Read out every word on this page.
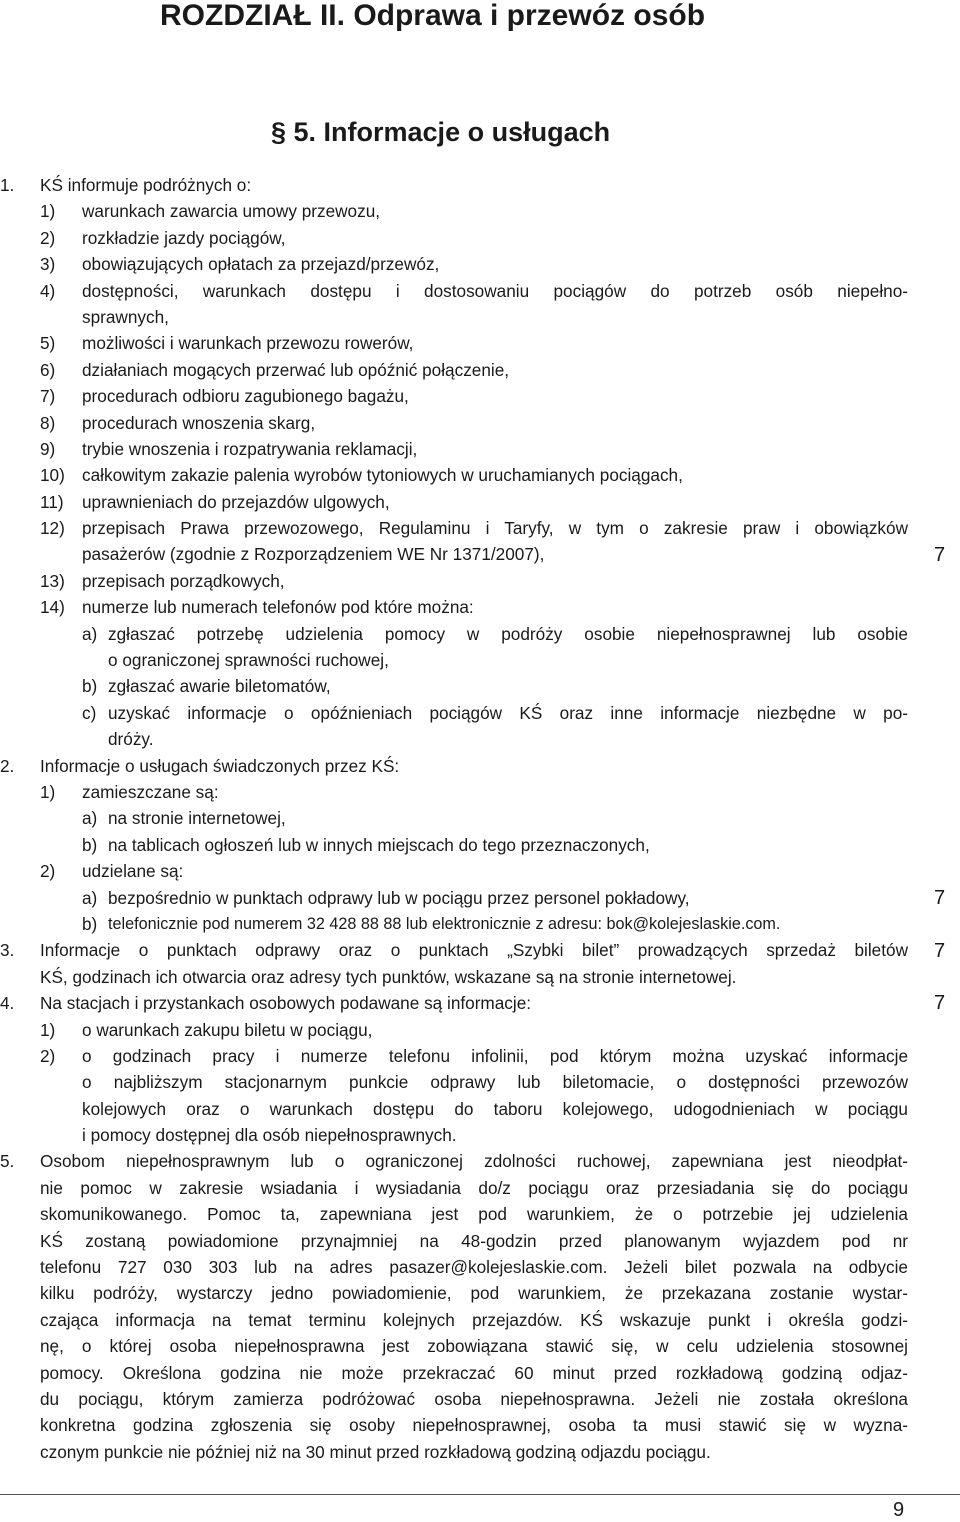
ROZDZIAŁ II. Odprawa i przewóz osób
§ 5. Informacje o usługach
1. KŚ informuje podróżnych o:
1) warunkach zawarcia umowy przewozu,
2) rozkładzie jazdy pociągów,
3) obowiązujących opłatach za przejazd/przewóz,
4) dostępności, warunkach dostępu i dostosowaniu pociągów do potrzeb osób niepełno-
sprawnych,
5) możliwości i warunkach przewozu rowerów,
6) działaniach mogących przerwać lub opóźnić połączenie,
7) procedurach odbioru zagubionego bagażu,
8) procedurach wnoszenia skarg,
9) trybie wnoszenia i rozpatrywania reklamacji,
10) całkowitym zakazie palenia wyrobów tytoniowych w uruchamianych pociągach,
11) uprawnieniach do przejazdów ulgowych,
12) przepisach Prawa przewozowego, Regulaminu i Taryfy, w tym o zakresie praw i obowiązków
pasażerów (zgodnie z Rozporządzeniem WE Nr 1371/2007),
13) przepisach porządkowych,
14) numerze lub numerach telefonów pod które można:
a) zgłaszać potrzebę udzielenia pomocy w podróży osobie niepełnosprawnej lub osobie
o ograniczonej sprawności ruchowej,
b) zgłaszać awarie biletomatów,
c) uzyskać informacje o opóźnieniach pociągów KŚ oraz inne informacje niezbędne w po-
dróży.
2. Informacje o usługach świadczonych przez KŚ:
1) zamieszczane są:
a) na stronie internetowej,
b) na tablicach ogłoszeń lub w innych miejscach do tego przeznaczonych,
2) udzielane są:
a) bezpośrednio w punktach odprawy lub w pociągu przez personel pokładowy,
b) telefonicznie pod numerem 32 428 88 88 lub elektronicznie z adresu: bok@kolejeslaskie.com.
3. Informacje o punktach odprawy oraz o punktach „Szybki bilet” prowadzących sprzedaż biletów
KŚ, godzinach ich otwarcia oraz adresy tych punktów, wskazane są na stronie internetowej.
4. Na stacjach i przystankach osobowych podawane są informacje:
1) o warunkach zakupu biletu w pociągu,
2) o godzinach pracy i numerze telefonu infolinii, pod którym można uzyskać informacje
o najbliższym stacjonarnym punkcie odprawy lub biletomacie, o dostępności przewozów
kolejowych oraz o warunkach dostępu do taboru kolejowego, udogodnieniach w pociągu
i pomocy dostępnej dla osób niepełnosprawnych.
5. Osobom niepełnosprawnym lub o ograniczonej zdolności ruchowej, zapewniana jest nieodpłat-
nie pomoc w zakresie wsiadania i wysiadania do/z pociągu oraz przesiadania się do pociągu
skomunikowanego. Pomoc ta, zapewniana jest pod warunkiem, że o potrzebie jej udzielenia
KŚ zostaną powiadomione przynajmniej na 48-godzin przed planowanym wyjazdem pod nr
telefonu 727 030 303 lub na adres pasazer@kolejeslaskie.com. Jeżeli bilet pozwala na odbycie
kilku podróży, wystarczy jedno powiadomienie, pod warunkiem, że przekazana zostanie wystar-
czająca informacja na temat terminu kolejnych przejazdów. KŚ wskazuje punkt i określa godzi-
nę, o której osoba niepełnosprawna jest zobowiązana stawić się, w celu udzielenia stosownej
pomocy. Określona godzina nie może przekraczać 60 minut przed rozkładową godziną odjaz-
du pociągu, którym zamierza podróżować osoba niepełnosprawna. Jeżeli nie została określona
konkretna godzina zgłoszenia się osoby niepełnosprawnej, osoba ta musi stawić się w wyzna-
czonym punkcie nie później niż na 30 minut przed rozkładową godziną odjazdu pociągu.
9
7
7
7
7
